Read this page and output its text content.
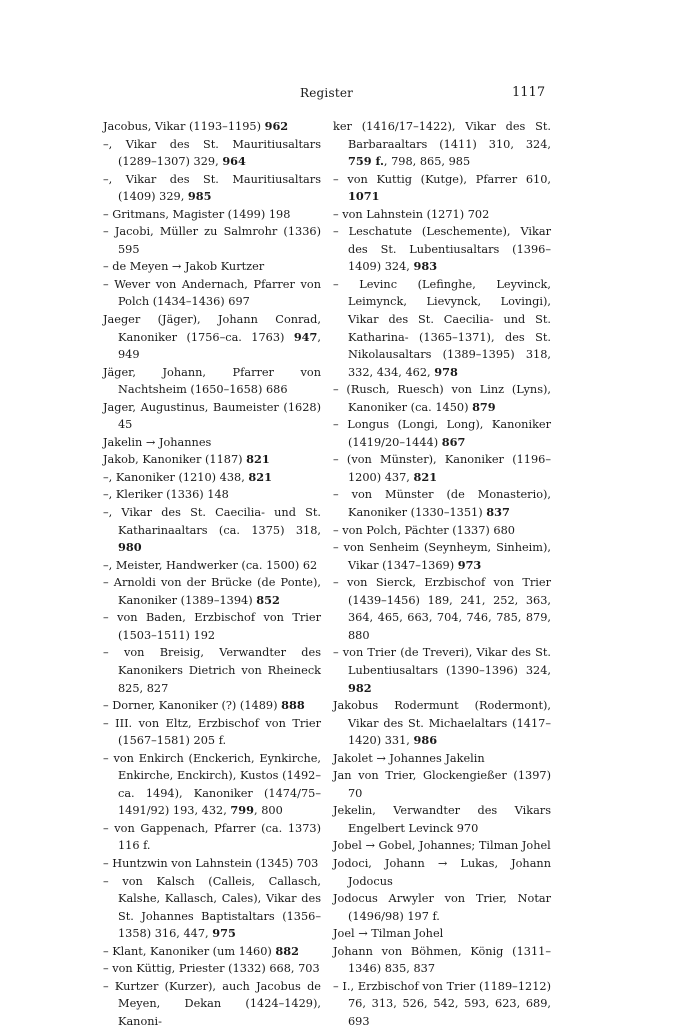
Register	1117
Jacobus, Vikar (1193–1195) 962
–, Vikar des St. Mauritiusaltars (1289–1307) 329, 964
–, Vikar des St. Mauritiusaltars (1409) 329, 985
– Gritmans, Magister (1499) 198
– Jacobi, Müller zu Salmrohr (1336) 595
– de Meyen → Jakob Kurtzer
– Wever von Andernach, Pfarrer von Polch (1434–1436) 697
Jaeger (Jäger), Johann Conrad, Kanoniker (1756–ca. 1763) 947, 949
Jäger, Johann, Pfarrer von Nachtsheim (1650–1658) 686
Jager, Augustinus, Baumeister (1628) 45
Jakelin → Johannes
Jakob, Kanoniker (1187) 821
–, Kanoniker (1210) 438, 821
–, Kleriker (1336) 148
–, Vikar des St. Caecilia- und St. Katharinaaltars (ca. 1375) 318, 980
–, Meister, Handwerker (ca. 1500) 62
– Arnoldi von der Brücke (de Ponte), Kanoniker (1389–1394) 852
– von Baden, Erzbischof von Trier (1503–1511) 192
– von Breisig, Verwandter des Kanonikers Dietrich von Rheineck 825, 827
– Dorner, Kanoniker (?) (1489) 888
– III. von Eltz, Erzbischof von Trier (1567–1581) 205 f.
– von Enkirch (Enckerich, Eynkirche, Enkirche, Enckirch), Kustos (1492–ca. 1494), Kanoniker (1474/75–1491/92) 193, 432, 799, 800
– von Gappenach, Pfarrer (ca. 1373) 116 f.
– Huntzwin von Lahnstein (1345) 703
– von Kalsch (Calleis, Callasch, Kalshe, Kallasch, Cales), Vikar des St. Johannes Baptistaltars (1356–1358) 316, 447, 975
– Klant, Kanoniker (um 1460) 882
– von Küttig, Priester (1332) 668, 703
– Kurtzer (Kurzer), auch Jacobus de Meyen, Dekan (1424–1429), Kanoni-
ker (1416/17–1422), Vikar des St. Barbaraaltars (1411) 310, 324, 759 f., 798, 865, 985
– von Kuttig (Kutge), Pfarrer 610, 1071
– von Lahnstein (1271) 702
– Leschatute (Leschemente), Vikar des St. Lubentiusaltars (1396–1409) 324, 983
– Levinc (Lefinghe, Leyvinck, Leimynck, Lievynck, Lovingi), Vikar des St. Caecilia- und St. Katharina- (1365–1371), des St. Nikolausaltars (1389–1395) 318, 332, 434, 462, 978
– (Rusch, Ruesch) von Linz (Lyns), Kanoniker (ca. 1450) 879
– Longus (Longi, Long), Kanoniker (1419/20–1444) 867
– (von Münster), Kanoniker (1196–1200) 437, 821
– von Münster (de Monasterio), Kanoniker (1330–1351) 837
– von Polch, Pächter (1337) 680
– von Senheim (Seynheym, Sinheim), Vikar (1347–1369) 973
– von Sierck, Erzbischof von Trier (1439–1456) 189, 241, 252, 363, 364, 465, 663, 704, 746, 785, 879, 880
– von Trier (de Treveri), Vikar des St. Lubentiusaltars (1390–1396) 324, 982
Jakobus Rodermunt (Rodermont), Vikar des St. Michaelaltars (1417–1420) 331, 986
Jakolet → Johannes Jakelin
Jan von Trier, Glockengießer (1397) 70
Jekelin, Verwandter des Vikars Engelbert Levinck 970
Jobel → Gobel, Johannes; Tilman Johel
Jodoci, Johann → Lukas, Johann Jodocus
Jodocus Arwyler von Trier, Notar (1496/98) 197 f.
Joel → Tilman Johel
Johann von Böhmen, König (1311–1346) 835, 837
– I., Erzbischof von Trier (1189–1212) 76, 313, 526, 542, 593, 623, 689, 693
